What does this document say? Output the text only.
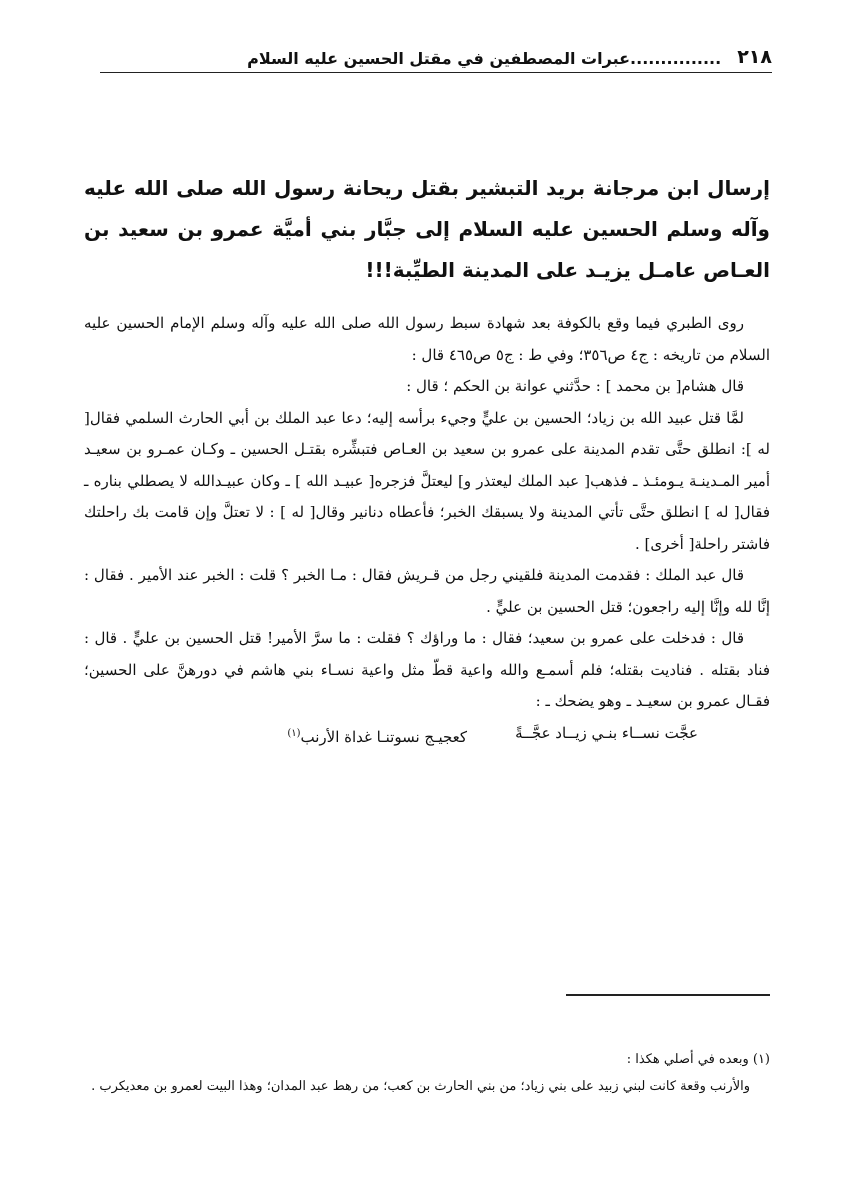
٢١٨
...............عبرات المصطفين في مقتل الحسين عليه السلام
إرسال ابن مرجانة بريد التبشير بقتل ريحانة رسول الله صلى الله عليه وآله وسلم الحسين عليه السلام إلى جبَّار بني أميَّة عمرو بن سعيد بن العـاص عامـل يزيـد على المدينة الطيِّبة!!!

روى الطبري فيما وقع بالكوفة بعد شهادة سبط رسول الله صلى الله عليه وآله وسلم الإمام الحسين عليه السلام من تاريخه : ج٤ ص٣٥٦؛ وفي ط : ج٥ ص٤٦٥ قال :

قال هشام[ بن محمد ] : حدَّثني عوانة بن الحكم ؛ قال :

لمَّا قتل عبيد الله بن زياد؛ الحسين بن عليٍّ وجيء برأسه إليه؛ دعا عبد الملك بن أبي الحارث السلمي فقال[ له ]: انطلق حتَّى تقدم المدينة على عمرو بن سعيد بن العـاص فتبشِّره بقتـل الحسين ـ وكـان عمـرو بن سعيـد أمير المـدينـة يـومئـذ ـ فذهب[ عبد الملك ليعتذر و] ليعتلَّ فزجره[ عبيـد الله ] ـ وكان عبيـدالله لا يصطلي بناره ـ فقال[ له ] انطلق حتَّى تأتي المدينة ولا يسبقك الخبر؛ فأعطاه دنانير وقال[ له ] : لا تعتلَّ وإن قامت بك راحلتك فاشتر راحلة[ أخرى] .

قال عبد الملك : فقدمت المدينة فلقيني رجل من قـريش فقال : مـا الخبر ؟ قلت : الخبر عند الأمير . فقال : إنَّا لله وإنَّا إليه راجعون؛ قتل الحسين بن عليٍّ .

قال : فدخلت على عمرو بن سعيد؛ فقال : ما وراؤك ؟ فقلت : ما سرَّ الأمير! قتل الحسين بن عليٍّ . قال : فناد بقتله . فناديت بقتله؛ فلم أسمـع والله واعية قطّ مثل واعية نسـاء بني هاشم في دورهنَّ على الحسين؛ فقـال عمرو بن سعيـد ـ وهو يضحك ـ :

عجَّت نســاء بنـي زيــاد عجَّــةً
كعجيـج نسوتنـا غداة الأرنب$^{(١)}$

(١) وبعده في أصلي هكذا :

والأرنب وقعة كانت لبني زبيد على بني زياد؛ من بني الحارث بن كعب؛ من رهط عبد المدان؛ وهذا البيت لعمرو بن معديكرب .
